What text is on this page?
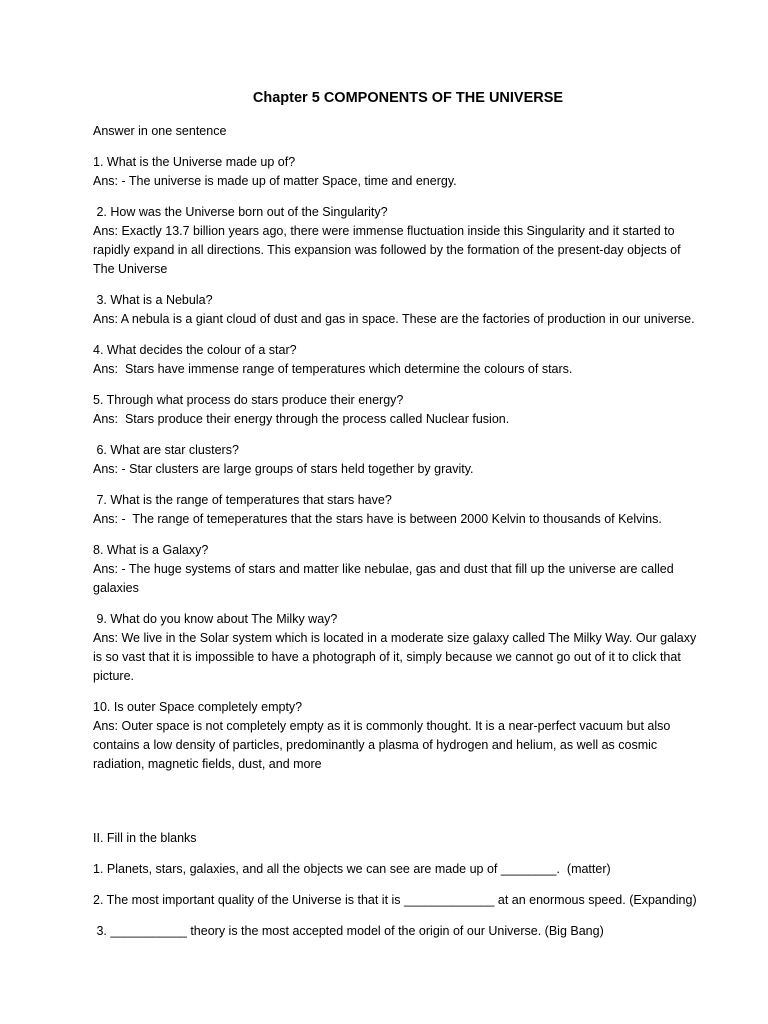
Chapter 5 COMPONENTS OF THE UNIVERSE

Answer in one sentence

1. What is the Universe made up of?

Ans: - The universe is made up of matter Space, time and energy.

2. How was the Universe born out of the Singularity?

Ans: Exactly 13.7 billion years ago, there were immense fluctuation inside this Singularity and it started to

rapidly expand in all directions. This expansion was followed by the formation of the present-day objects of

The Universe

3. What is a Nebula?

Ans: A nebula is a giant cloud of dust and gas in space. These are the factories of production in our universe.

4. What decides the colour of a star?

Ans:  Stars have immense range of temperatures which determine the colours of stars.

5. Through what process do stars produce their energy?

Ans:  Stars produce their energy through the process called Nuclear fusion.

6. What are star clusters?

Ans: - Star clusters are large groups of stars held together by gravity.

7. What is the range of temperatures that stars have?

Ans: -  The range of temeperatures that the stars have is between 2000 Kelvin to thousands of Kelvins.

8. What is a Galaxy?

Ans: - The huge systems of stars and matter like nebulae, gas and dust that fill up the universe are called

galaxies

9. What do you know about The Milky way?

Ans: We live in the Solar system which is located in a moderate size galaxy called The Milky Way. Our galaxy

is so vast that it is impossible to have a photograph of it, simply because we cannot go out of it to click that

picture.

10. Is outer Space completely empty?

Ans: Outer space is not completely empty as it is commonly thought. It is a near-perfect vacuum but also

contains a low density of particles, predominantly a plasma of hydrogen and helium, as well as cosmic

radiation, magnetic fields, dust, and more

II. Fill in the blanks

1. Planets, stars, galaxies, and all the objects we can see are made up of ________.  (matter)

2. The most important quality of the Universe is that it is _____________ at an enormous speed. (Expanding)

3. ___________ theory is the most accepted model of the origin of our Universe. (Big Bang)
